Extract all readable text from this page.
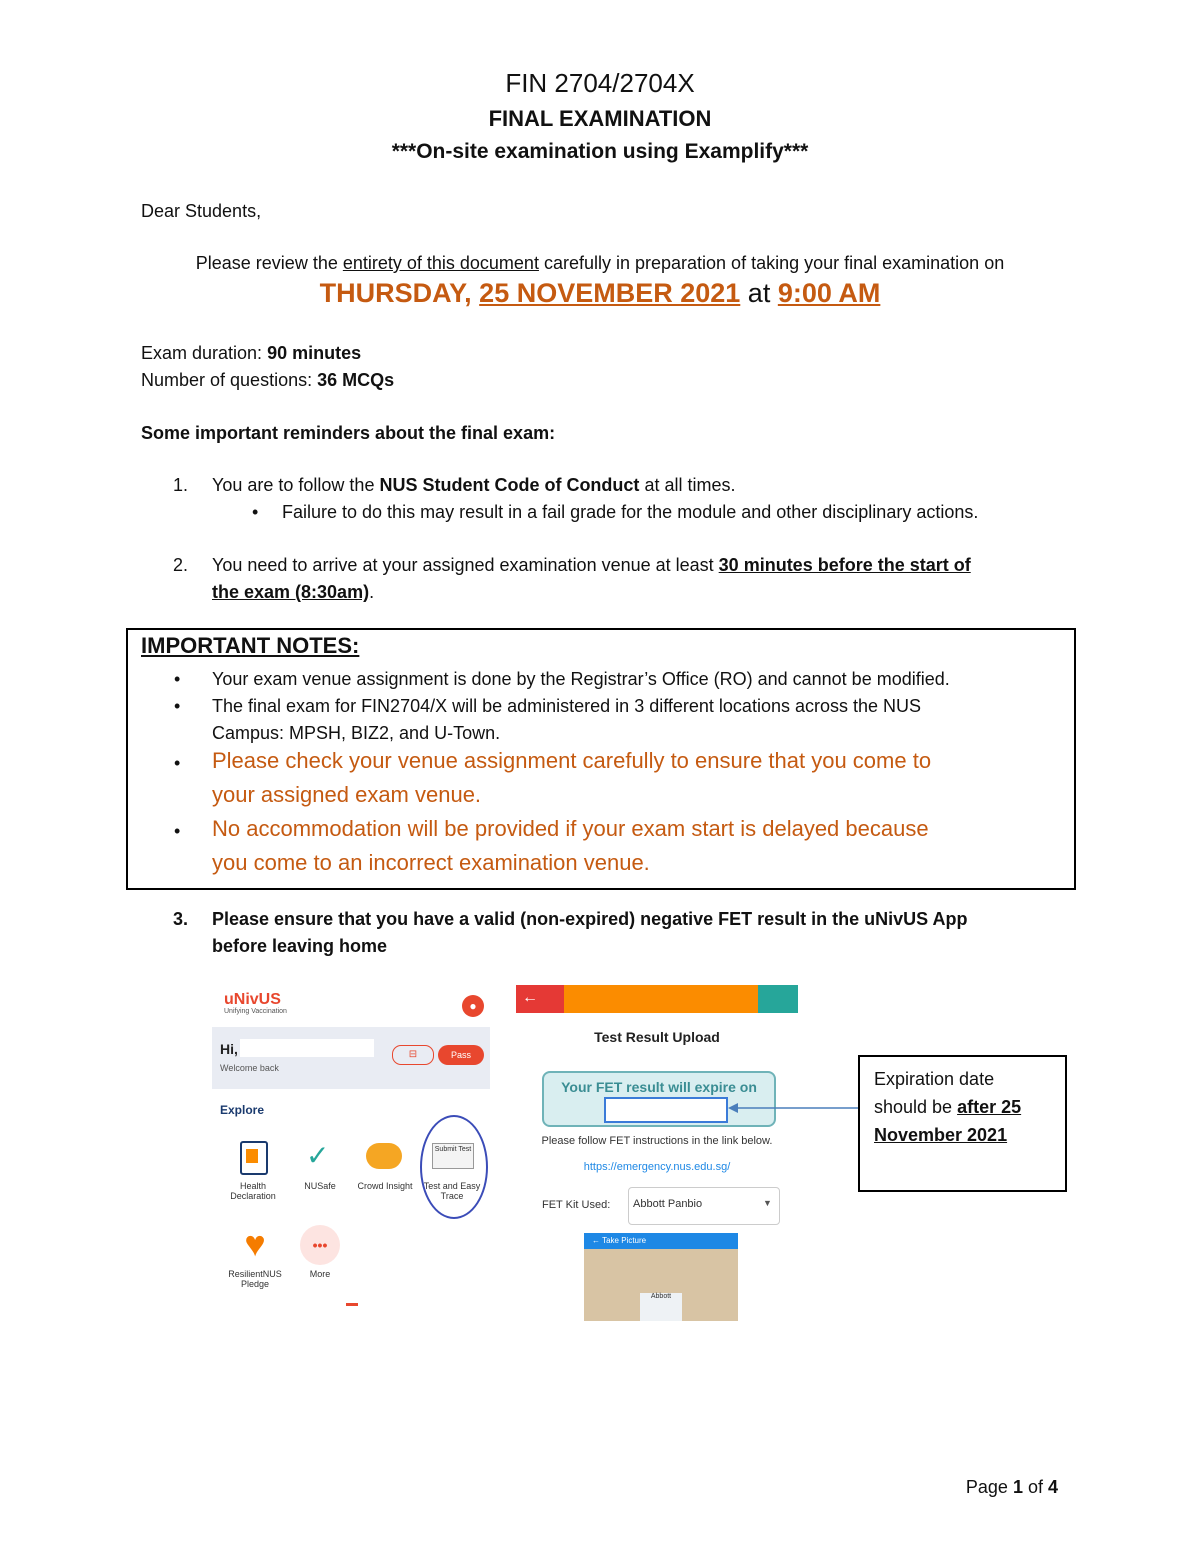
FIN 2704/2704X
FINAL EXAMINATION
***On-site examination using Examplify***
Dear Students,
Please review the entirety of this document carefully in preparation of taking your final examination on
THURSDAY, 25 NOVEMBER 2021 at 9:00 AM
Exam duration: 90 minutes
Number of questions: 36 MCQs
Some important reminders about the final exam:
1. You are to follow the NUS Student Code of Conduct at all times.
• Failure to do this may result in a fail grade for the module and other disciplinary actions.
2. You need to arrive at your assigned examination venue at least 30 minutes before the start of
the exam (8:30am).
IMPORTANT NOTES:
• Your exam venue assignment is done by the Registrar’s Office (RO) and cannot be modified.
• The final exam for FIN2704/X will be administered in 3 different locations across the NUS
Campus: MPSH, BIZ2, and U-Town.
• Please check your venue assignment carefully to ensure that you come to
your assigned exam venue.
• No accommodation will be provided if your exam start is delayed because
you come to an incorrect examination venue.
3. Please ensure that you have a valid (non-expired) negative FET result in the uNivUS App
before leaving home
uNivUS
Unifying Vaccination	●
Hi,
Welcome back
⊟	Pass
Explore
Health Declaration
✓
NUSafe	Crowd Insight
Submit Test
Test and Easy Trace
♥
ResilientNUS Pledge
•••
More
←
Test Result Upload
Your FET result will expire on
Please follow FET instructions in the link below.
https://emergency.nus.edu.sg/
FET Kit Used: Abbott Panbio	▼
← Take Picture
Abbott
Expiration date
should be after 25
November 2021
Page 1 of 4
